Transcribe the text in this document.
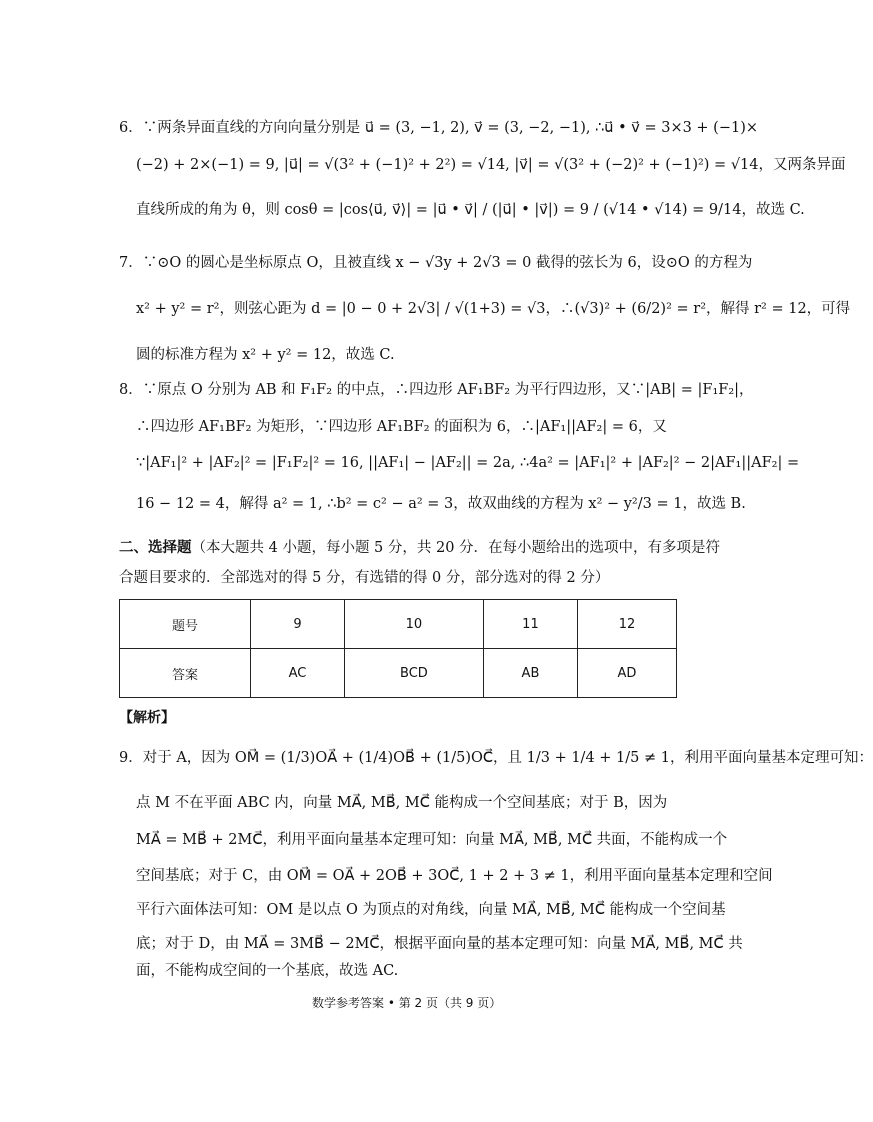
6．∵两条异面直线的方向向量分别是 u⃗ = (3, −1, 2), v⃗ = (3, −2, −1), ∴u⃗ • v⃗ = 3×3 + (−1)×
(−2) + 2×(−1) = 9, |u⃗| = √(3² + (−1)² + 2²) = √14, |v⃗| = √(3² + (−2)² + (−1)²) = √14，又两条异面
直线所成的角为 θ，则 cosθ = |cos⟨u⃗, v⃗⟩| = |u⃗ • v⃗| / (|u⃗| • |v⃗|) = 9 / (√14 • √14) = 9/14，故选 C.
7．∵⊙O 的圆心是坐标原点 O，且被直线 x − √3y + 2√3 = 0 截得的弦长为 6，设⊙O 的方程为
x² + y² = r²，则弦心距为 d = |0 − 0 + 2√3| / √(1+3) = √3，∴(√3)² + (6/2)² = r²，解得 r² = 12，可得
圆的标准方程为 x² + y² = 12，故选 C.
8．∵原点 O 分别为 AB 和 F₁F₂ 的中点，∴四边形 AF₁BF₂ 为平行四边形，又∵|AB| = |F₁F₂|，
∴四边形 AF₁BF₂ 为矩形，∵四边形 AF₁BF₂ 的面积为 6，∴|AF₁||AF₂| = 6，又
∵|AF₁|² + |AF₂|² = |F₁F₂|² = 16, ||AF₁| − |AF₂|| = 2a, ∴4a² = |AF₁|² + |AF₂|² − 2|AF₁||AF₂| =
16 − 12 = 4，解得 a² = 1, ∴b² = c² − a² = 3，故双曲线的方程为 x² − y²/3 = 1，故选 B.
二、选择题（本大题共 4 小题，每小题 5 分，共 20 分．在每小题给出的选项中，有多项是符
合题目要求的．全部选对的得 5 分，有选错的得 0 分，部分选对的得 2 分）
题号	9	10	11	12
答案	AC	BCD	AB	AD
【解析】
9．对于 A，因为 OM⃗ = (1/3)OA⃗ + (1/4)OB⃗ + (1/5)OC⃗，且 1/3 + 1/4 + 1/5 ≠ 1，利用平面向量基本定理可知：
点 M 不在平面 ABC 内，向量 MA⃗, MB⃗, MC⃗ 能构成一个空间基底；对于 B，因为
MA⃗ = MB⃗ + 2MC⃗，利用平面向量基本定理可知：向量 MA⃗, MB⃗, MC⃗ 共面，不能构成一个
空间基底；对于 C，由 OM⃗ = OA⃗ + 2OB⃗ + 3OC⃗, 1 + 2 + 3 ≠ 1，利用平面向量基本定理和空间
平行六面体法可知：OM 是以点 O 为顶点的对角线，向量 MA⃗, MB⃗, MC⃗ 能构成一个空间基
底；对于 D，由 MA⃗ = 3MB⃗ − 2MC⃗，根据平面向量的基本定理可知：向量 MA⃗, MB⃗, MC⃗ 共
面，不能构成空间的一个基底，故选 AC.
数学参考答案 • 第 2 页（共 9 页）
